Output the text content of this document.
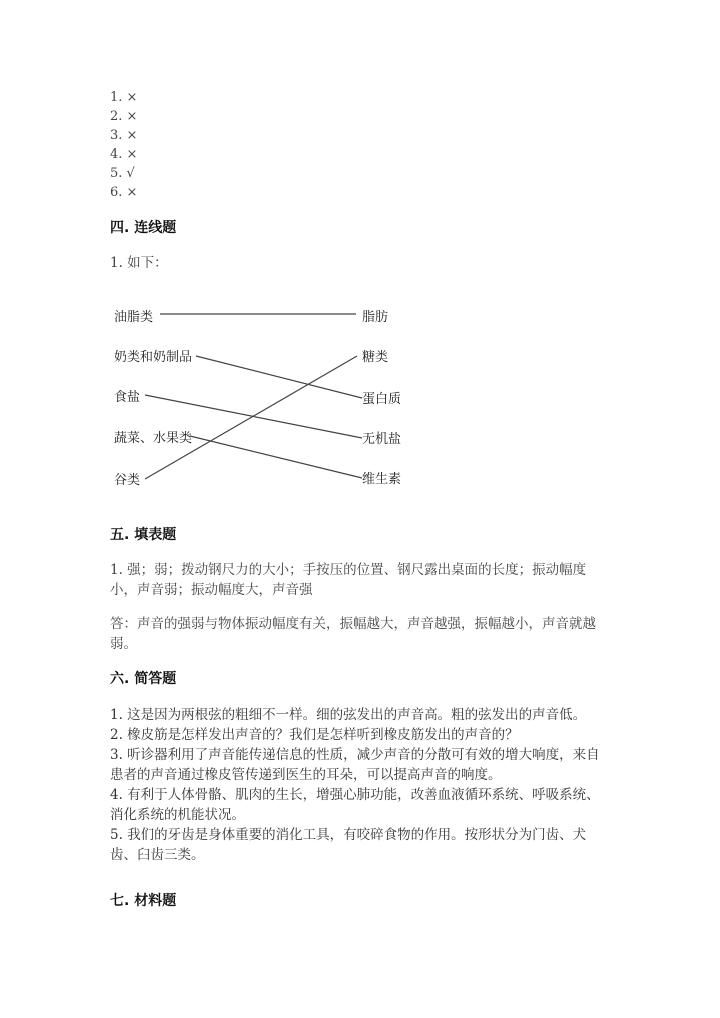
1. ×
2. ×
3. ×
4. ×
5. √
6. ×
四. 连线题
1. 如下：
油脂类
奶类和奶制品
食盐
蔬菜、水果类
谷类
脂肪
糖类
蛋白质
无机盐
维生素
五. 填表题
1. 强；弱；拨动钢尺力的大小；手按压的位置、钢尺露出桌面的长度；振动幅度小，声音弱；振动幅度大，声音强
答：声音的强弱与物体振动幅度有关，振幅越大，声音越强，振幅越小，声音就越弱。
六. 简答题
1. 这是因为两根弦的粗细不一样。细的弦发出的声音高。粗的弦发出的声音低。
2. 橡皮筋是怎样发出声音的？我们是怎样听到橡皮筋发出的声音的？
3. 听诊器利用了声音能传递信息的性质，减少声音的分散可有效的增大响度，来自患者的声音通过橡皮管传递到医生的耳朵，可以提高声音的响度。
4. 有利于人体骨骼、肌肉的生长，增强心肺功能，改善血液循环系统、呼吸系统、消化系统的机能状况。
5. 我们的牙齿是身体重要的消化工具，有咬碎食物的作用。按形状分为门齿、犬齿、臼齿三类。
七. 材料题
